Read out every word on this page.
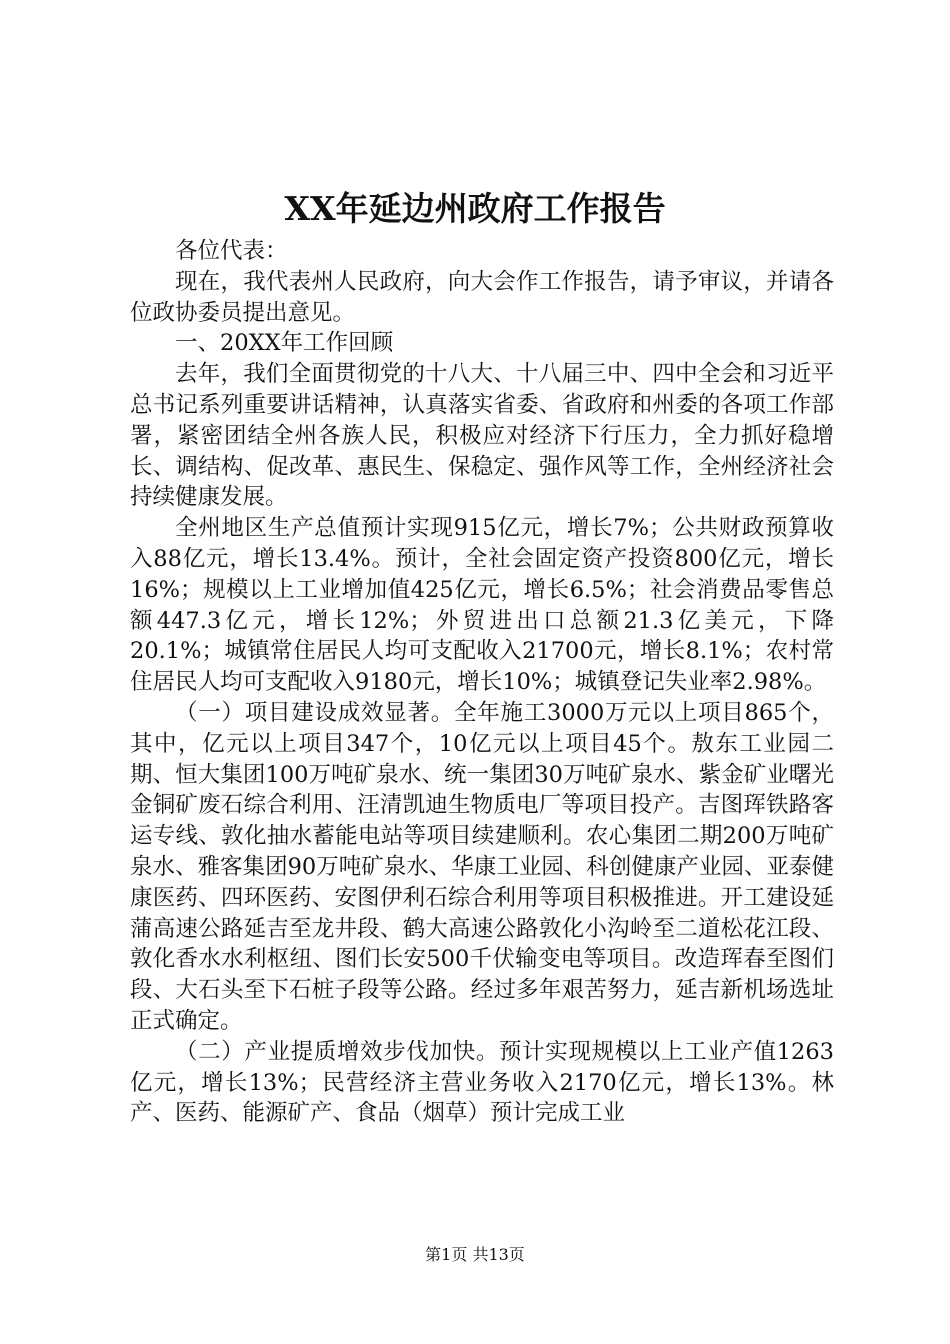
XX年延边州政府工作报告

各位代表：

现在，我代表州人民政府，向大会作工作报告，请予审议，并请各位政协委员提出意见。

一、20XX年工作回顾

去年，我们全面贯彻党的十八大、十八届三中、四中全会和习近平总书记系列重要讲话精神，认真落实省委、省政府和州委的各项工作部署，紧密团结全州各族人民，积极应对经济下行压力，全力抓好稳增长、调结构、促改革、惠民生、保稳定、强作风等工作，全州经济社会持续健康发展。

全州地区生产总值预计实现915亿元，增长7%；公共财政预算收入88亿元，增长13.4%。预计，全社会固定资产投资800亿元，增长16%；规模以上工业增加值425亿元，增长6.5%；社会消费品零售总额447.3亿元，增长12%；外贸进出口总额21.3亿美元，下降20.1%；城镇常住居民人均可支配收入21700元，增长8.1%；农村常住居民人均可支配收入9180元，增长10%；城镇登记失业率2.98%。

（一）项目建设成效显著。全年施工3000万元以上项目865个，其中，亿元以上项目347个，10亿元以上项目45个。敖东工业园二期、恒大集团100万吨矿泉水、统一集团30万吨矿泉水、紫金矿业曙光金铜矿废石综合利用、汪清凯迪生物质电厂等项目投产。吉图珲铁路客运专线、敦化抽水蓄能电站等项目续建顺利。农心集团二期200万吨矿泉水、雅客集团90万吨矿泉水、华康工业园、科创健康产业园、亚泰健康医药、四环医药、安图伊利石综合利用等项目积极推进。开工建设延蒲高速公路延吉至龙井段、鹤大高速公路敦化小沟岭至二道松花江段、敦化香水水利枢纽、图们长安500千伏输变电等项目。改造珲春至图们段、大石头至下石桩子段等公路。经过多年艰苦努力，延吉新机场选址正式确定。

（二）产业提质增效步伐加快。预计实现规模以上工业产值1263亿元，增长13%；民营经济主营业务收入2170亿元，增长13%。林产、医药、能源矿产、食品（烟草）预计完成工业

第1页 共13页
